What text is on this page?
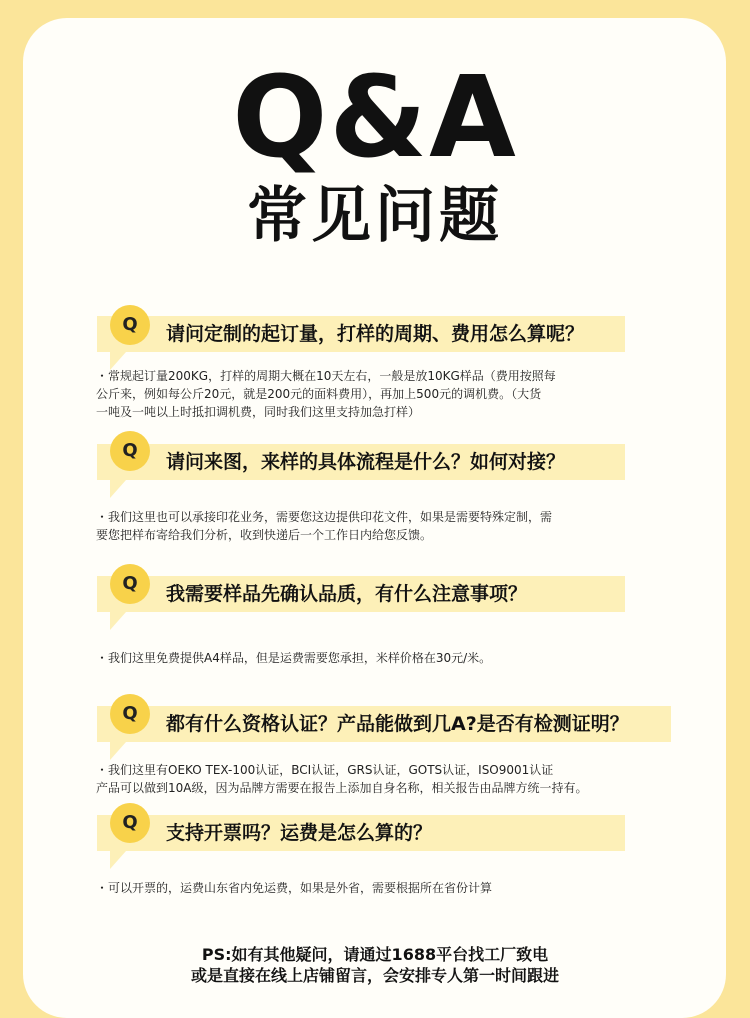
Q&A
常见问题
Q	请问定制的起订量，打样的周期、费用怎么算呢？
・常规起订量200KG，打样的周期大概在10天左右，一般是放10KG样品（费用按照每
公斤来，例如每公斤20元，就是200元的面料费用），再加上500元的调机费。（大货
一吨及一吨以上时抵扣调机费，同时我们这里支持加急打样）
Q
请问来图，来样的具体流程是什么？如何对接？
・我们这里也可以承接印花业务，需要您这边提供印花文件，如果是需要特殊定制，需
要您把样布寄给我们分析，收到快递后一个工作日内给您反馈。
Q	我需要样品先确认品质，有什么注意事项？
・我们这里免费提供A4样品，但是运费需要您承担，米样价格在30元/米。
Q	都有什么资格认证？产品能做到几A?是否有检测证明？
・我们这里有OEKO TEX-100认证，BCI认证，GRS认证，GOTS认证，ISO9001认证
产品可以做到10A级，因为品牌方需要在报告上添加自身名称，相关报告由品牌方统一持有。
Q	支持开票吗？运费是怎么算的？
・可以开票的，运费山东省内免运费，如果是外省，需要根据所在省份计算
PS:如有其他疑问，请通过1688平台找工厂致电
或是直接在线上店铺留言，会安排专人第一时间跟进
